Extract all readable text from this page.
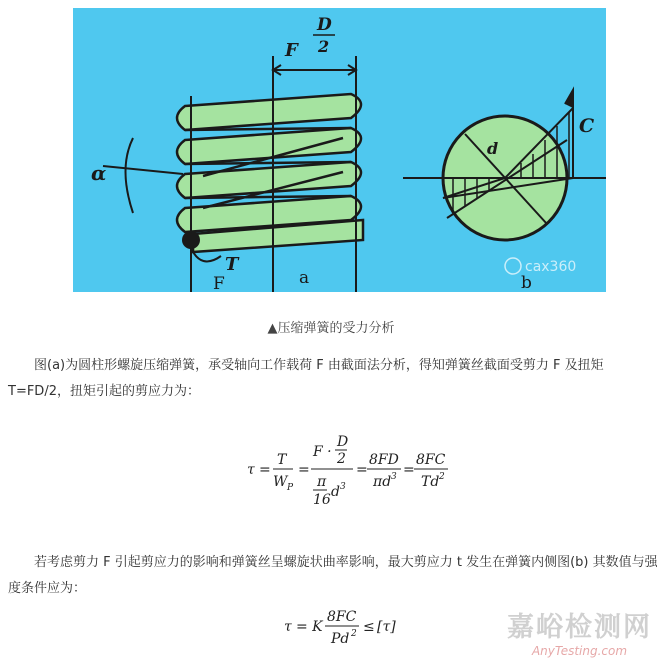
F
D
2
α
T
d
C
F	a	b
cax360
▲压缩弹簧的受力分析
图(a)为圆柱形螺旋压缩弹簧，承受轴向工作载荷 F 由截面法分析，得知弹簧丝截面受剪力 F 及扭矩 T=FD/2，扭矩引起的剪应力为：
τ =
T
W P
=
F ·
D
2
π
16 d 3
=
8FD
πd 3 =
8FC
Td 2
若考虑剪力 F 引起剪应力的影响和弹簧丝呈螺旋状曲率影响，最大剪应力 t 发生在弹簧内侧图(b) 其数值与强度条件应为：
τ = K
8FC
Pd 2 ≤ [τ]	嘉峪检测网
AnyTesting.com
